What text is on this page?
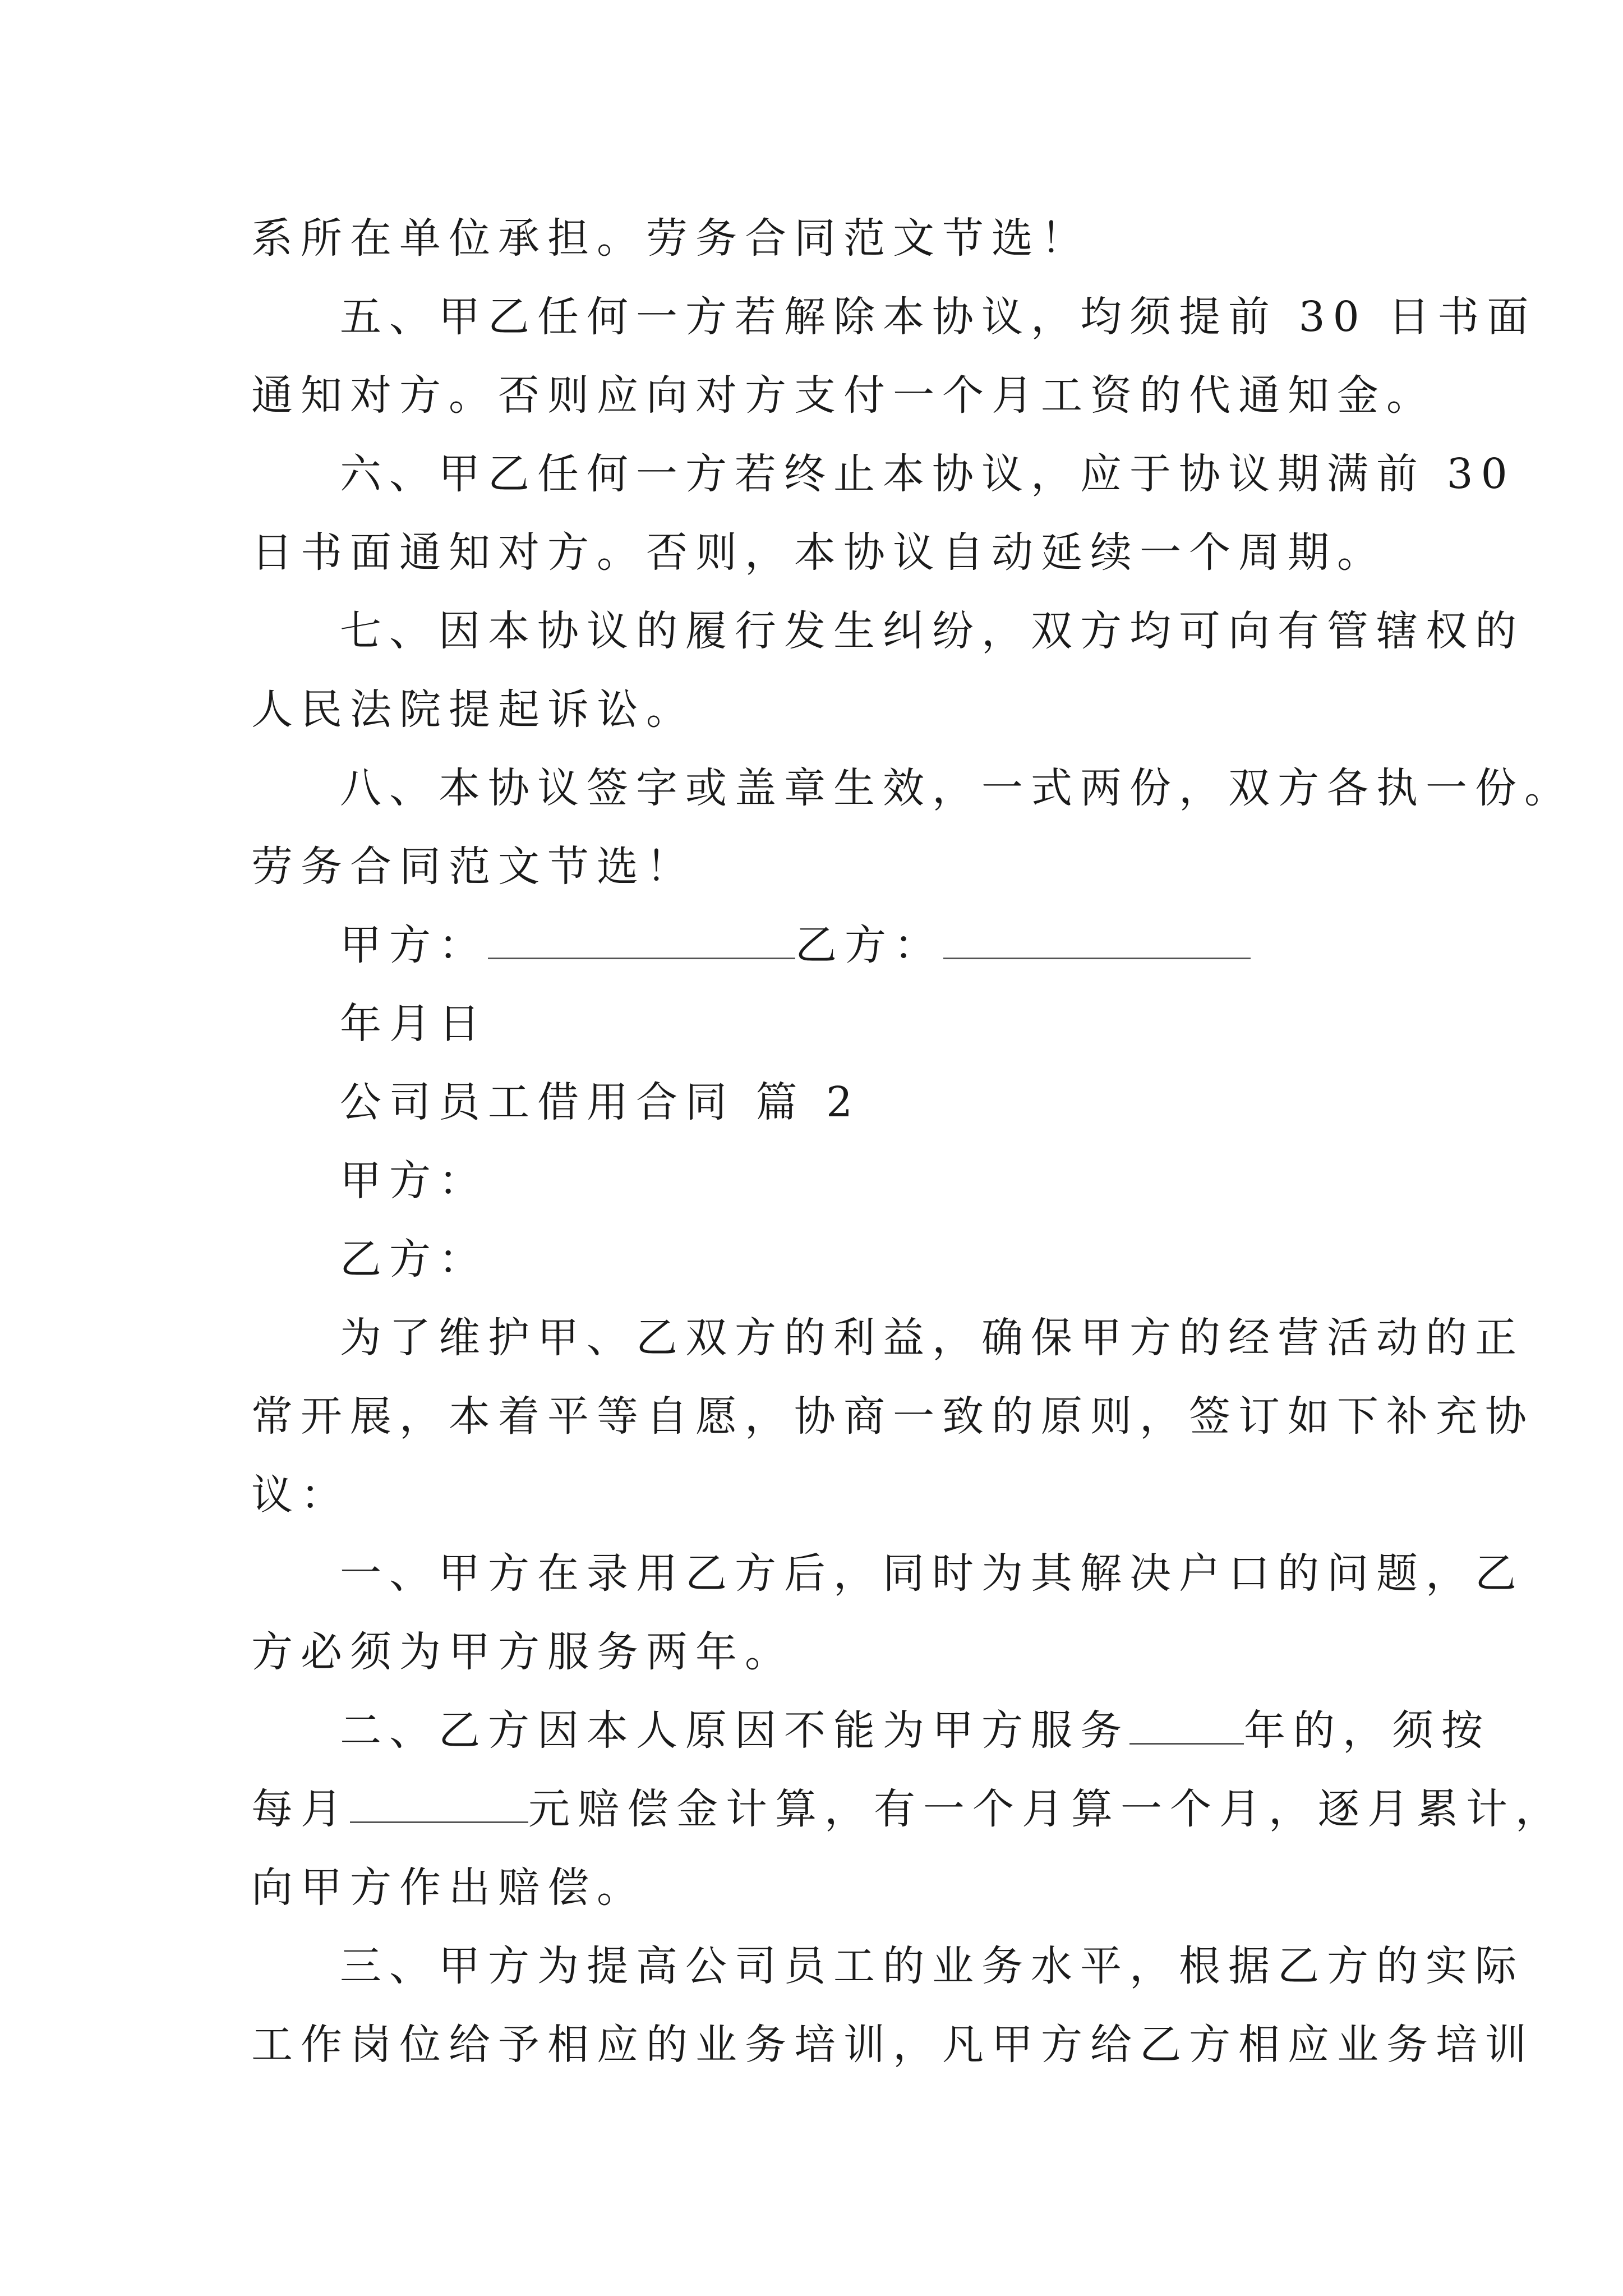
系所在单位承担。劳务合同范文节选！
五、甲乙任何一方若解除本协议，均须提前 30 日书面
通知对方。否则应向对方支付一个月工资的代通知金。
六、甲乙任何一方若终止本协议，应于协议期满前 30
日书面通知对方。否则，本协议自动延续一个周期。
七、因本协议的履行发生纠纷，双方均可向有管辖权的
人民法院提起诉讼。
八、本协议签字或盖章生效，一式两份，双方各执一份。
劳务合同范文节选！
甲方：	乙方：
年月日
公司员工借用合同 篇 2
甲方：
乙方：
为了维护甲、乙双方的利益，确保甲方的经营活动的正
常开展，本着平等自愿，协商一致的原则，签订如下补充协
议：
一、甲方在录用乙方后，同时为其解决户口的问题，乙
方必须为甲方服务两年。
二、乙方因本人原因不能为甲方服务	年的，须按
每月	元赔偿金计算，有一个月算一个月，逐月累计，
向甲方作出赔偿。
三、甲方为提高公司员工的业务水平，根据乙方的实际
工作岗位给予相应的业务培训，凡甲方给乙方相应业务培训
